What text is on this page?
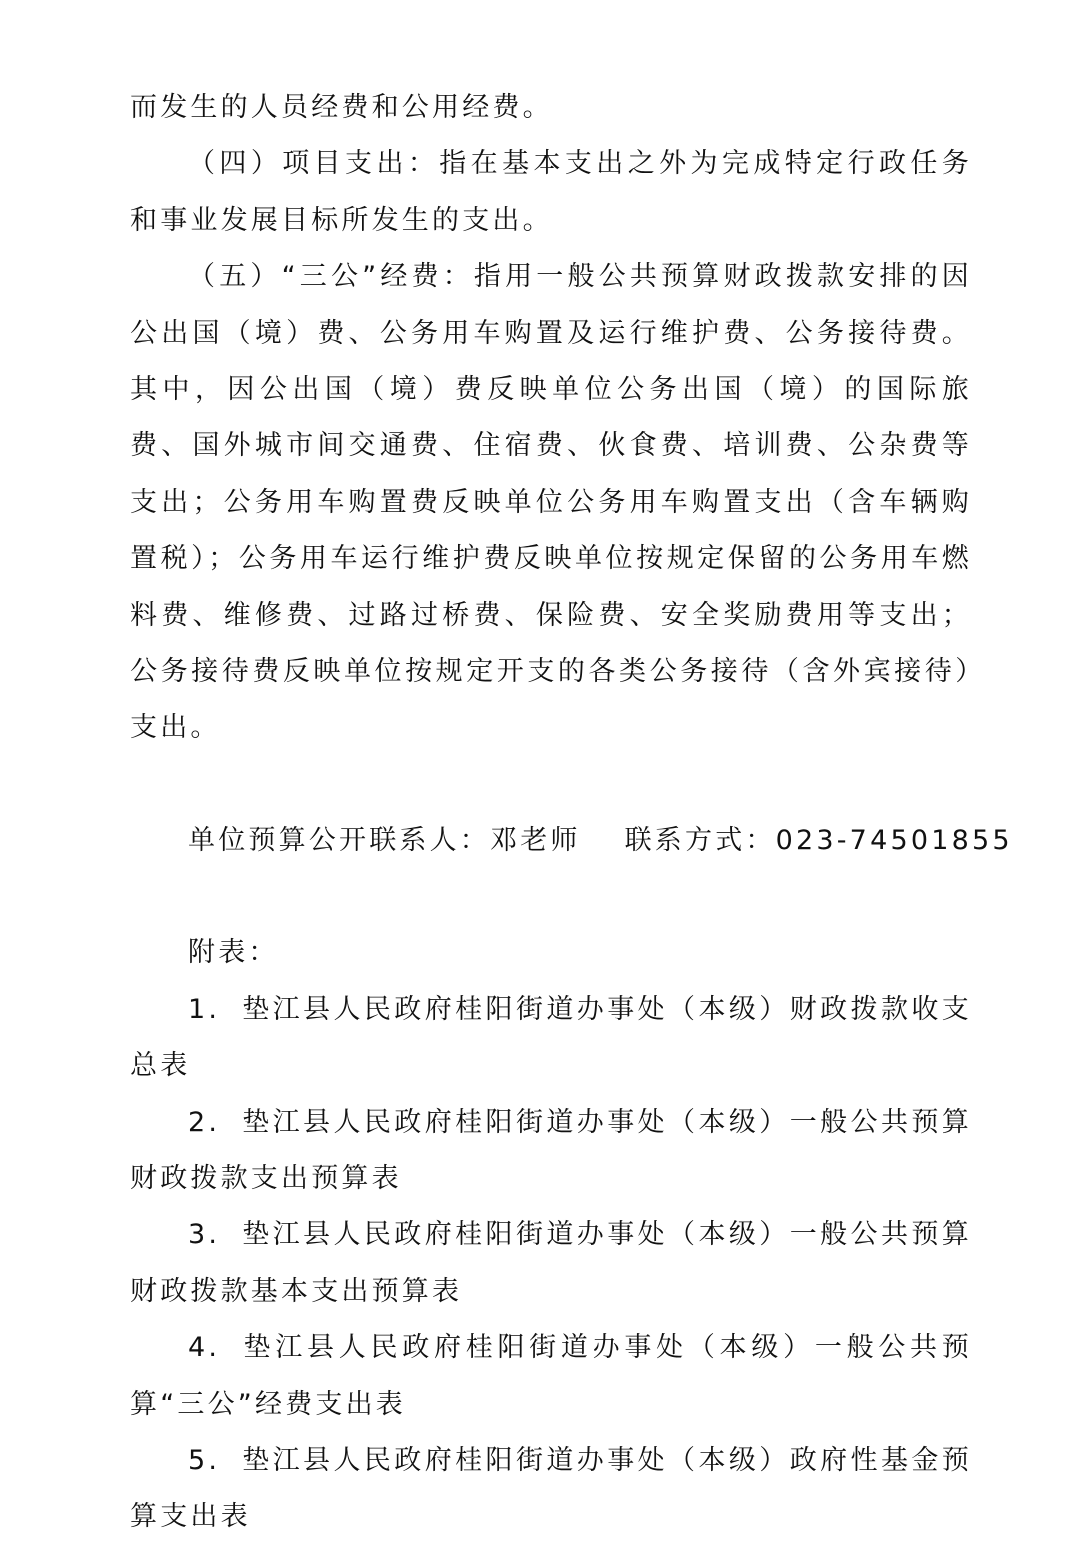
而发生的人员经费和公用经费。

（四）项目支出：指在基本支出之外为完成特定行政任务和事业发展目标所发生的支出。

（五）“三公”经费：指用一般公共预算财政拨款安排的因公出国（境）费、公务用车购置及运行维护费、公务接待费。其中，因公出国（境）费反映单位公务出国（境）的国际旅费、国外城市间交通费、住宿费、伙食费、培训费、公杂费等支出；公务用车购置费反映单位公务用车购置支出（含车辆购置税）；公务用车运行维护费反映单位按规定保留的公务用车燃料费、维修费、过路过桥费、保险费、安全奖励费用等支出；公务接待费反映单位按规定开支的各类公务接待（含外宾接待）支出。

单位预算公开联系人：邓老师 联系方式：023-74501855

附表：

1. 垫江县人民政府桂阳街道办事处（本级）财政拨款收支总表

2. 垫江县人民政府桂阳街道办事处（本级）一般公共预算财政拨款支出预算表

3. 垫江县人民政府桂阳街道办事处（本级）一般公共预算财政拨款基本支出预算表

4. 垫江县人民政府桂阳街道办事处（本级）一般公共预算“三公”经费支出表

5. 垫江县人民政府桂阳街道办事处（本级）政府性基金预算支出表
